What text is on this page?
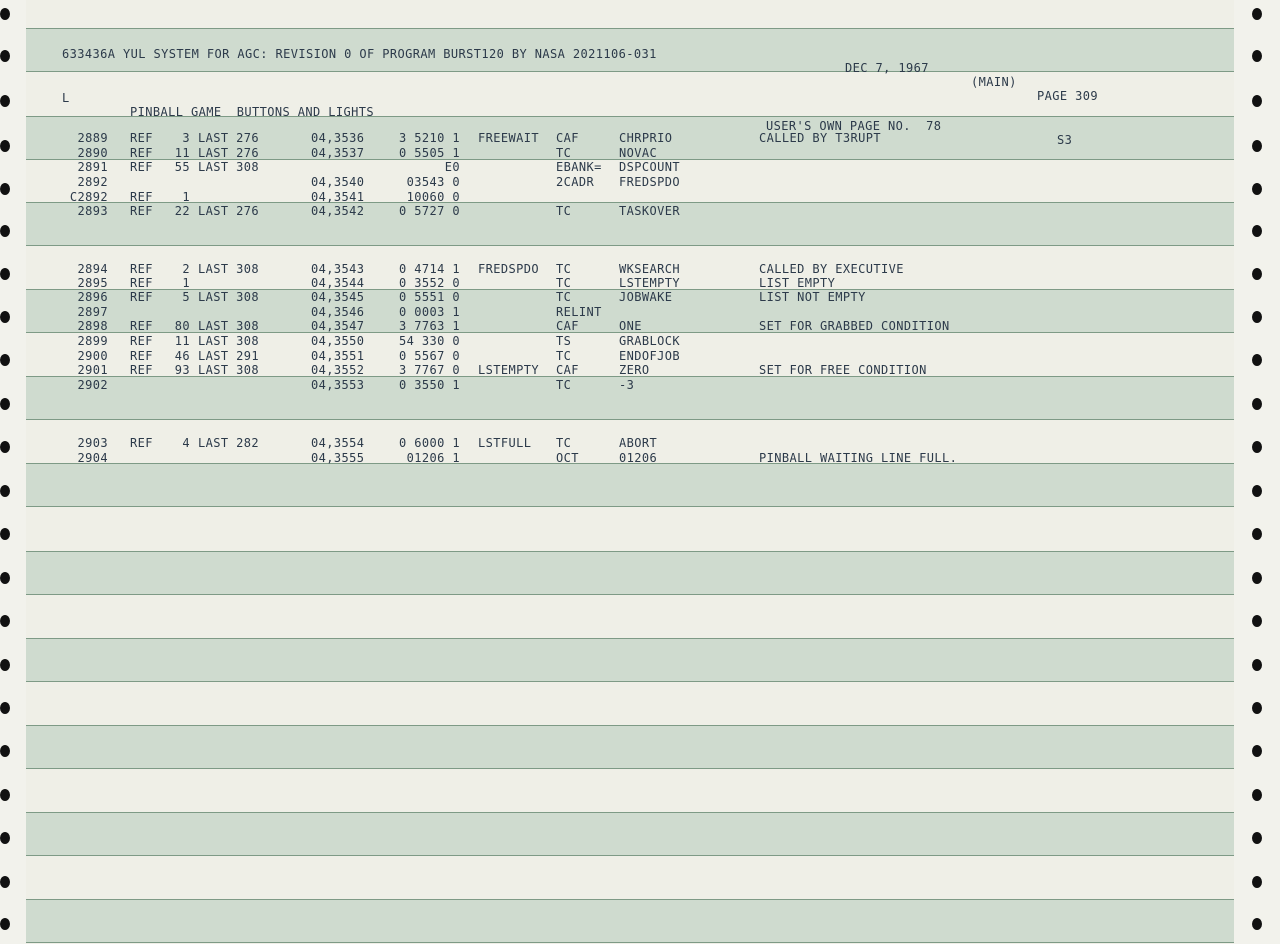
633436A YUL SYSTEM FOR AGC: REVISION 0 OF PROGRAM BURST120 BY NASA 2021106-031

DEC 7, 1967

(MAIN)

PAGE 309

L

PINBALL GAME  BUTTONS AND LIGHTS

USER'S OWN PAGE NO.  78

S3

2889 REF	3 LAST 276	04,3536	3 5210 1 FREEWAIT CAF	CHRPRIO	CALLED BY T3RUPT
2890 REF	11 LAST 276	04,3537	0 5505 1	TC	NOVAC
2891 REF	55 LAST 308	E0	EBANK= DSPCOUNT
2892	04,3540	03543 0	2CADR FREDSPDO
C2892 REF	1	04,3541	10060 0
2893 REF	22 LAST 276	04,3542	0 5727 0	TC	TASKOVER
2894 REF	2 LAST 308	04,3543	0 4714 1 FREDSPDO TC	WKSEARCH	CALLED BY EXECUTIVE
2895 REF	1	04,3544	0 3552 0	TC	LSTEMPTY	LIST EMPTY
2896 REF	5 LAST 308	04,3545	0 5551 0	TC	JOBWAKE	LIST NOT EMPTY
2897	04,3546	0 0003 1	RELINT
2898 REF	80 LAST 308	04,3547	3 7763 1	CAF	ONE	SET FOR GRABBED CONDITION
2899 REF	11 LAST 308	04,3550	54 330 0	TS	GRABLOCK
2900 REF	46 LAST 291	04,3551	0 5567 0	TC	ENDOFJOB
2901 REF	93 LAST 308	04,3552	3 7767 0 LSTEMPTY CAF	ZERO	SET FOR FREE CONDITION
2902	04,3553	0 3550 1	TC	-3
2903 REF	4 LAST 282	04,3554	0 6000 1 LSTFULL TC	ABORT
2904	04,3555	01206 1	OCT	01206	PINBALL WAITING LINE FULL.
